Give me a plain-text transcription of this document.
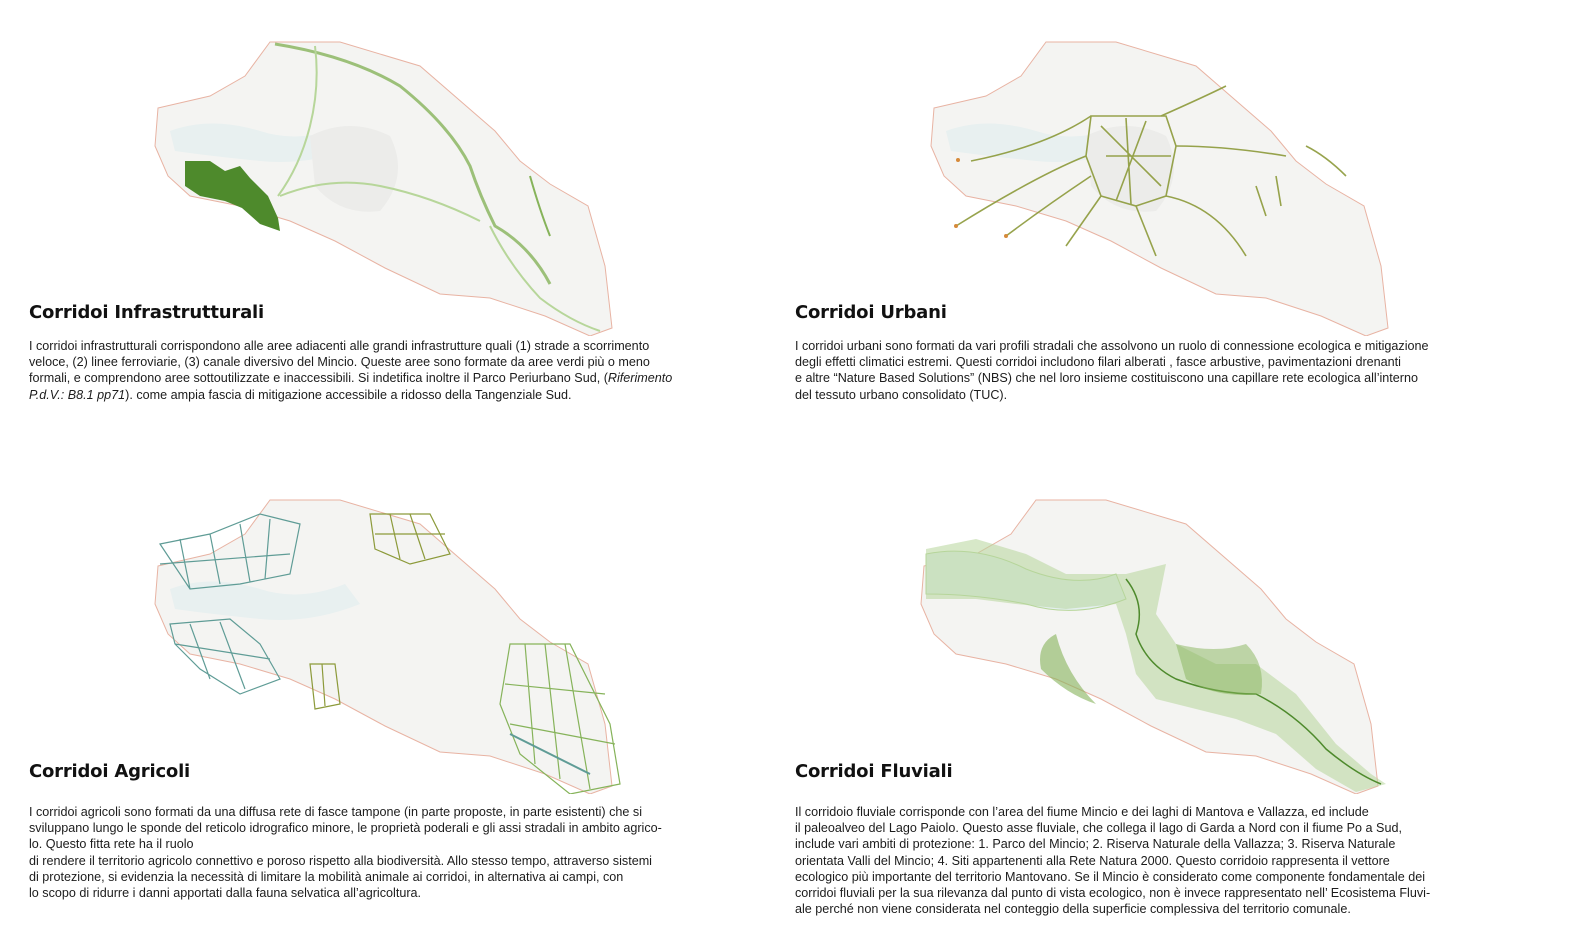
Corridoi Infrastrutturali

I corridoi infrastrutturali corrispondono alle aree adiacenti alle grandi infrastrutture quali (1) strade a scorrimento
veloce, (2) linee ferroviarie, (3) canale diversivo del Mincio. Queste aree sono formate da aree verdi più o meno
formali, e comprendono aree sottoutilizzate e inaccessibili. Si indetifica inoltre il Parco Periurbano Sud, (Riferimento
P.d.V.: B8.1 pp71). come ampia fascia di mitigazione accessibile a ridosso della Tangenziale Sud.

Corridoi Urbani

I corridoi urbani sono formati da vari profili stradali che assolvono un ruolo di connessione ecologica e mitigazione
degli effetti climatici estremi. Questi corridoi includono filari alberati , fasce arbustive, pavimentazioni drenanti
e altre “Nature Based Solutions” (NBS) che nel loro insieme costituiscono una capillare rete ecologica all’interno
del tessuto urbano consolidato (TUC).

Corridoi Agricoli

I corridoi agricoli sono formati da una diffusa rete di fasce tampone (in parte proposte, in parte esistenti) che si
sviluppano lungo le sponde del reticolo idrografico minore, le proprietà poderali e gli assi stradali in ambito agrico-
lo. Questo fitta rete ha il ruolo
di rendere il territorio agricolo connettivo e poroso rispetto alla biodiversità. Allo stesso tempo, attraverso sistemi
di protezione, si evidenzia la necessità di limitare la mobilità animale ai corridoi, in alternativa ai campi, con
lo scopo di ridurre i danni apportati dalla fauna selvatica all’agricoltura.

Corridoi Fluviali

Il corridoio fluviale corrisponde con l’area del fiume Mincio e dei laghi di Mantova e Vallazza, ed include
il paleoalveo del Lago Paiolo. Questo asse fluviale, che collega il lago di Garda a Nord con il fiume Po a Sud,
include vari ambiti di protezione: 1. Parco del Mincio; 2. Riserva Naturale della Vallazza; 3. Riserva Naturale
orientata Valli del Mincio; 4. Siti appartenenti alla Rete Natura 2000. Questo corridoio rappresenta il vettore
ecologico più importante del territorio Mantovano. Se il Mincio è considerato come componente fondamentale dei
corridoi fluviali per la sua rilevanza dal punto di vista ecologico, non è invece rappresentato nell’ Ecosistema Fluvi-
ale perché non viene considerata nel conteggio della superficie complessiva del territorio comunale.
